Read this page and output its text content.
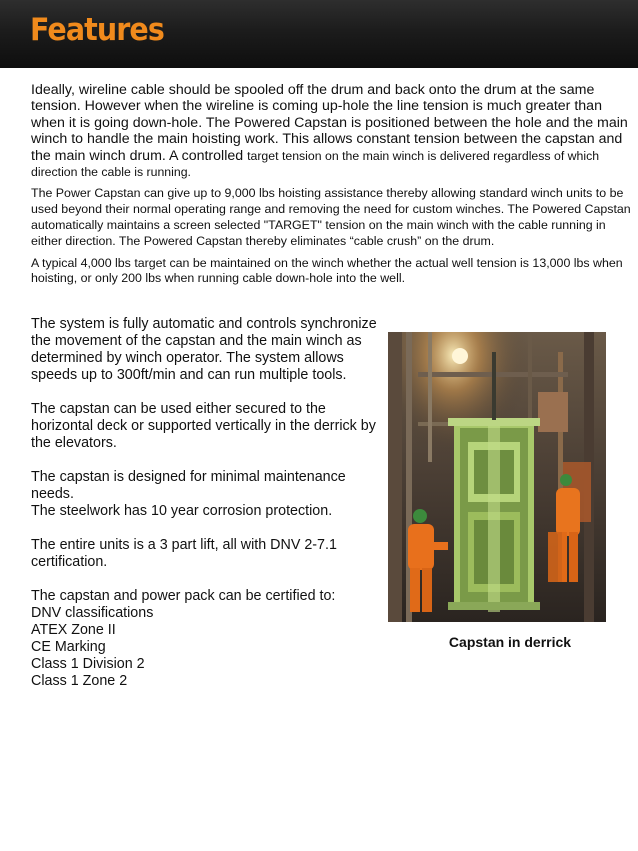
Features

Ideally, wireline cable should be spooled off the drum and back onto the drum at the same tension. However when the wireline is coming up-hole the line tension is much greater than when it is going down-hole. The Powered Capstan is positioned between the hole and the main winch to handle the main hoisting work. This allows constant tension between the capstan and the main winch drum. A controlled target tension on the main winch is delivered regardless of which direction the cable is running.

The Power Capstan can give up to 9,000 lbs hoisting assistance thereby allowing standard winch units to be used beyond their normal operating range and removing the need for custom winches. The Powered Capstan automatically maintains a screen selected "TARGET" tension on the main winch with the cable running in either direction. The Powered Capstan thereby eliminates “cable crush” on the drum.

A typical 4,000 lbs target can be maintained on the winch whether the actual well tension is 13,000 lbs when hoisting, or only 200 lbs when running cable down-hole into the well.

The system is fully automatic and controls synchronize the movement of the capstan and the main winch as determined by winch operator. The system allows speeds up to 300ft/min and can run multiple tools.

The capstan can be used either secured to the horizontal deck or supported vertically in the derrick by the elevators.

The capstan is designed for minimal maintenance needs.

The steelwork has 10 year corrosion protection.

The entire units is a 3 part lift, all with DNV 2-7.1 certification.

The capstan and power pack can be certified to:

DNV classifications
ATEX Zone II
CE Marking
Class 1 Division 2
Class 1 Zone 2
Capstan in derrick
